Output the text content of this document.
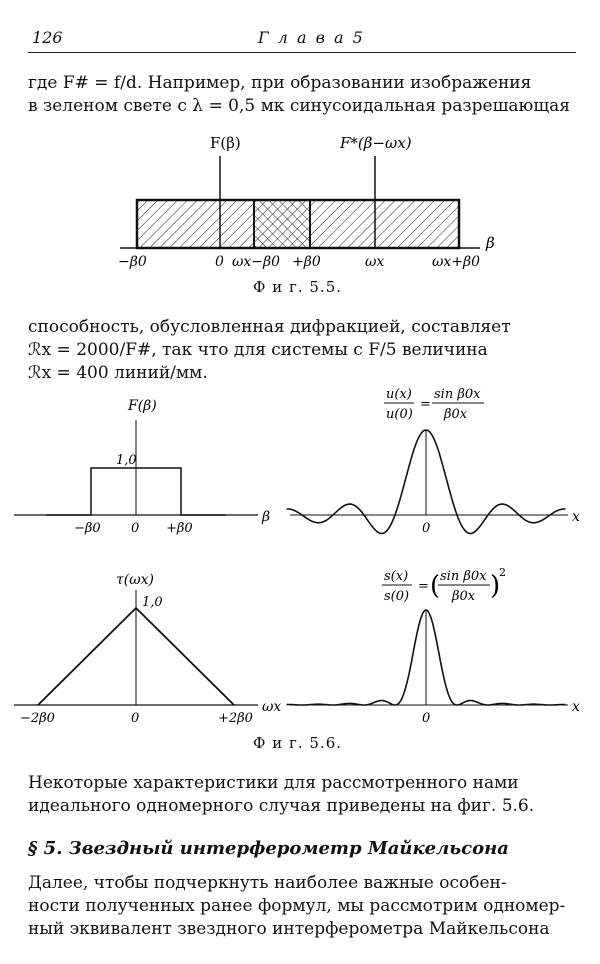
126	Г л а в а 5
где F# = f/d. Например, при образовании изображения
в зеленом свете с λ = 0,5 мк синусоидальная разрешающая
F(β)	F*(β−ωx)
β
−β0	0 ωx−β0 +β0	ωx	ωx+β0
Ф и г. 5.5.
способность, обусловленная дифракцией, составляет
ℛx = 2000/F#, так что для системы с F/5 величина
ℛx = 400 линий/мм.
F(β)
1,0
β
−β0 0 +β0
u(x)
u(0)
=
sin β0x
β0x
x
0
τ(ωx)
1,0
ωx
−2β0	0	+2β0
s(x)
s(0)
= ( sin β0x
β0x )
2
x
0
Ф и г. 5.6.
Некоторые характеристики для рассмотренного нами
идеального одномерного случая приведены на фиг. 5.6.
§ 5. Звездный интерферометр Майкельсона
Далее, чтобы подчеркнуть наиболее важные особен-
ности полученных ранее формул, мы рассмотрим одномер-
ный эквивалент звездного интерферометра Майкельсона
